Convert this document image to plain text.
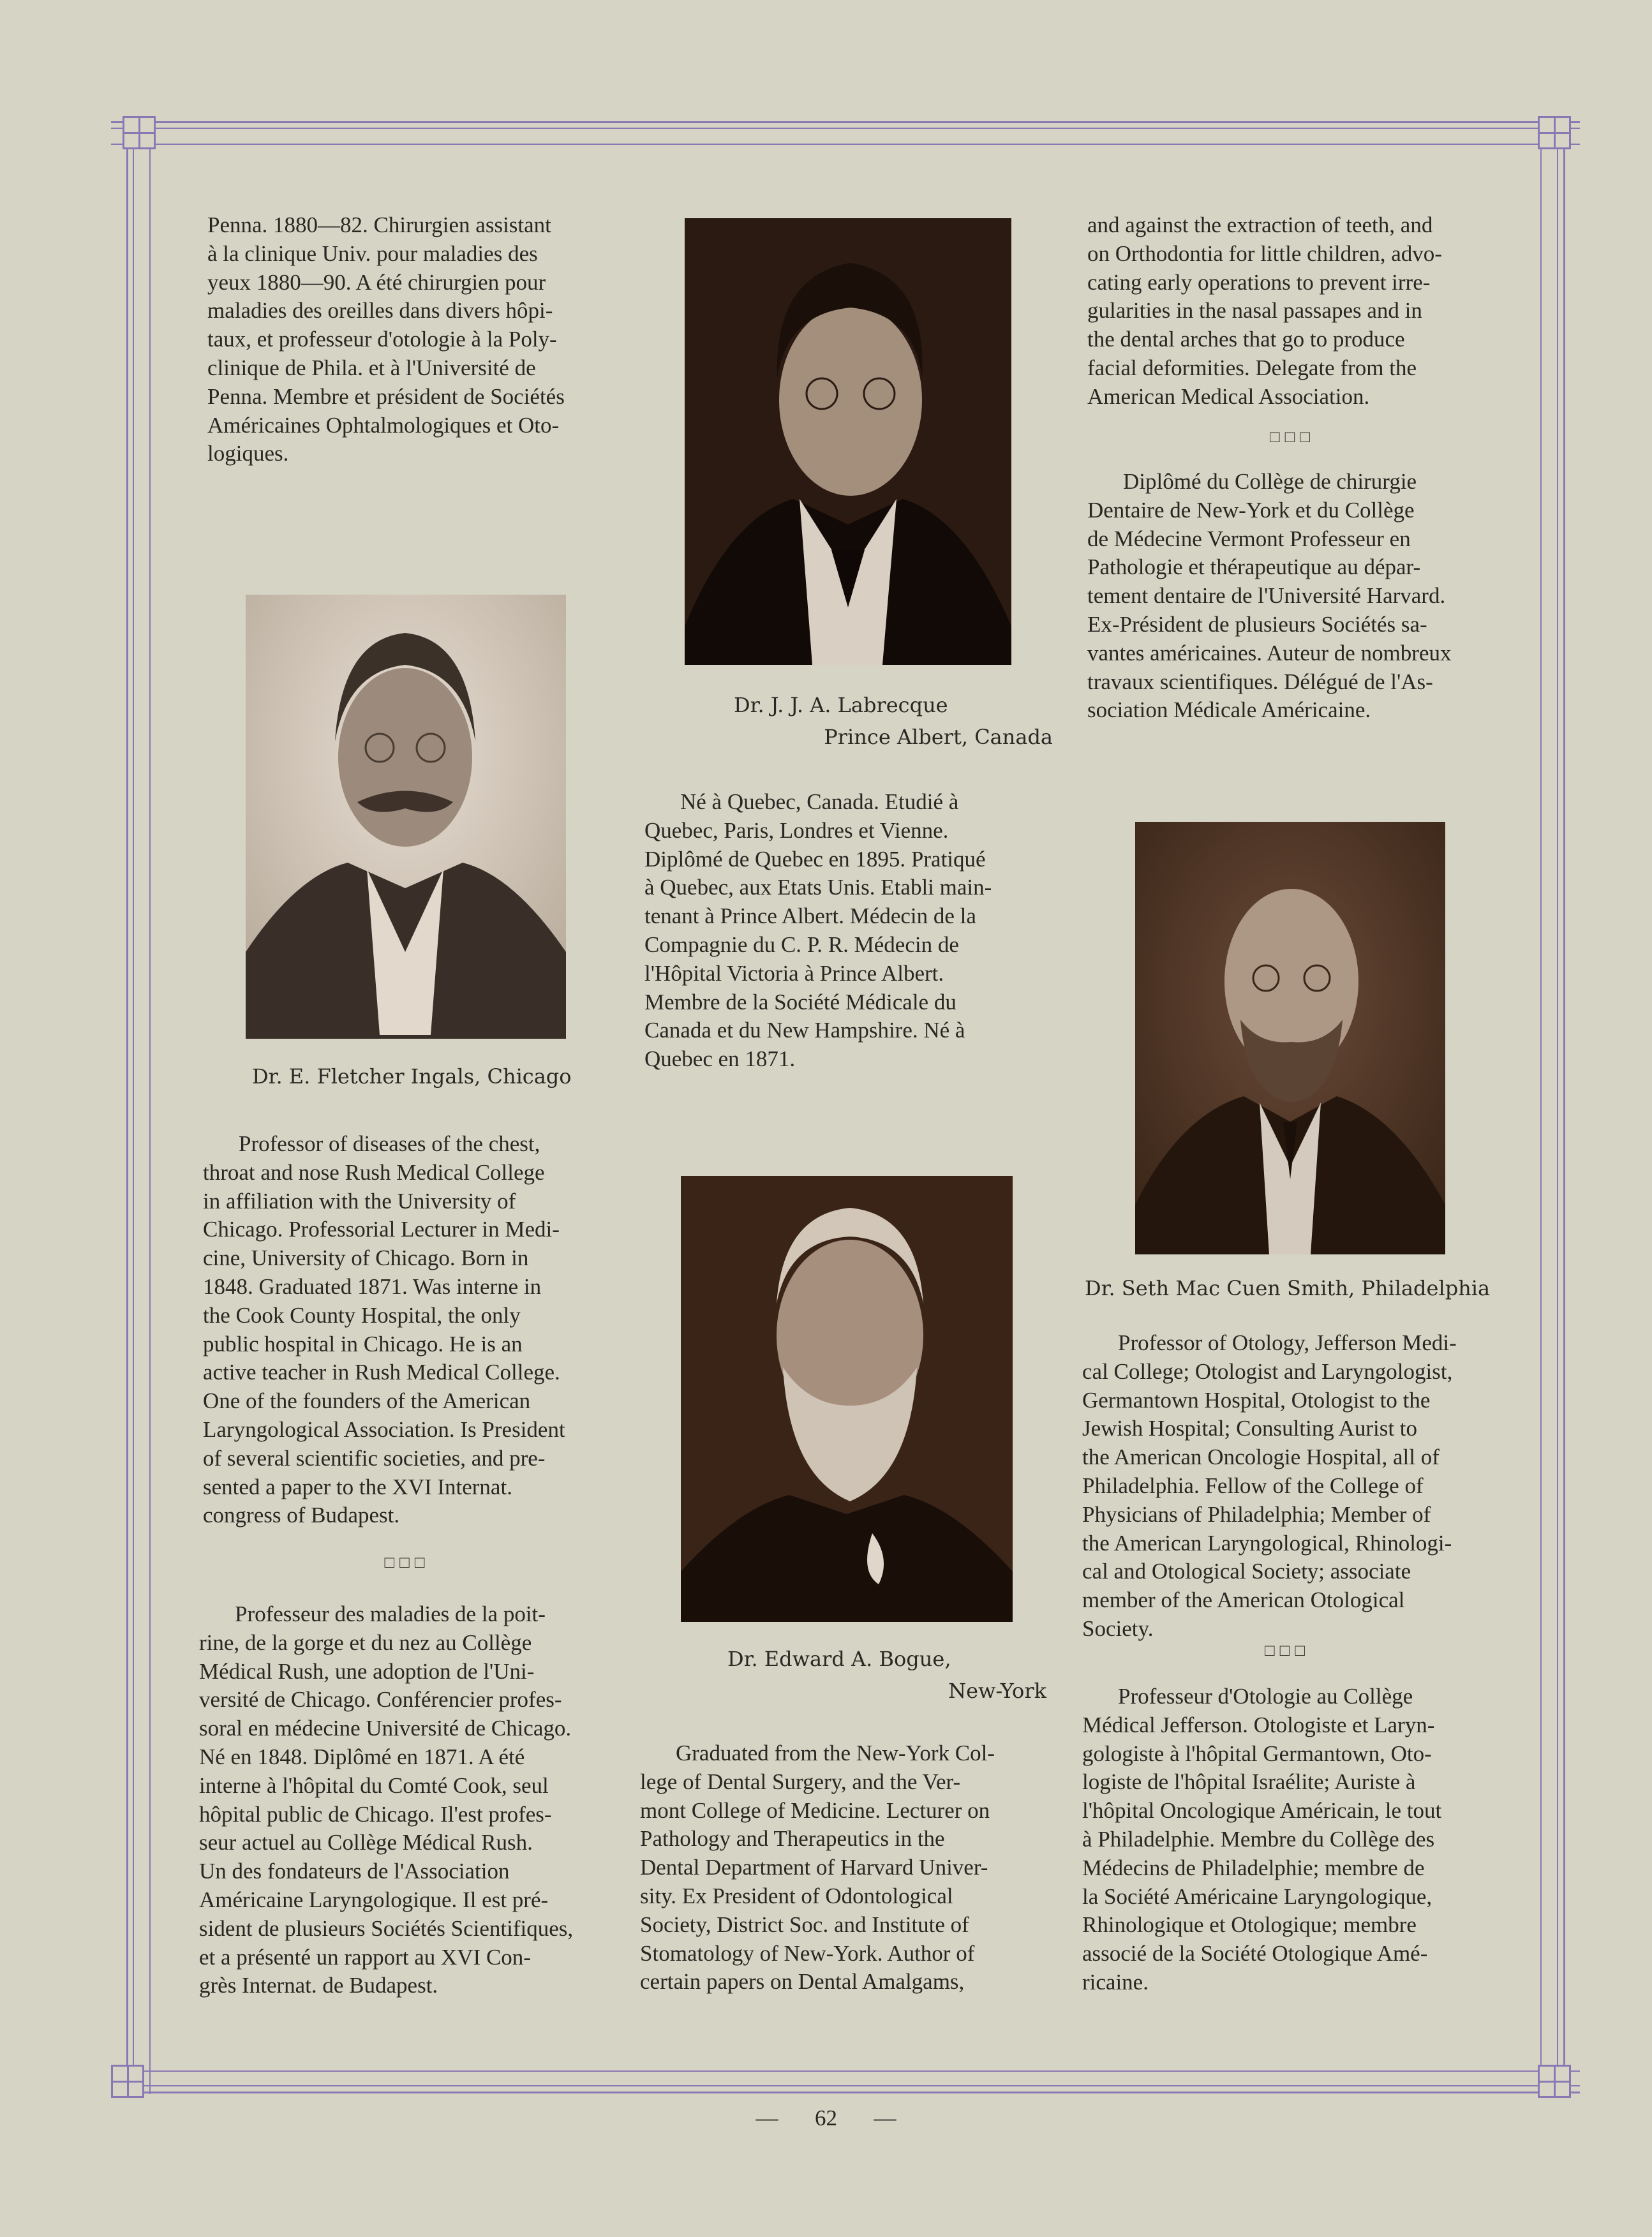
Penna. 1880—82. Chirurgien assistant
à la clinique Univ. pour maladies des
yeux 1880—90. A été chirurgien pour
maladies des oreilles dans divers hôpi-
taux, et professeur d'otologie à la Poly-
clinique de Phila. et à l'Université de
Penna. Membre et président de Sociétés
Américaines Ophtalmologiques et Oto-
logiques.
Dr. E. Fletcher Ingals, Chicago
Professor of diseases of the chest,
throat and nose Rush Medical College
in affiliation with the University of
Chicago. Professorial Lecturer in Medi-
cine, University of Chicago. Born in
1848. Graduated 1871. Was interne in
the Cook County Hospital, the only
public hospital in Chicago. He is an
active teacher in Rush Medical College.
One of the founders of the American
Laryngological Association. Is President
of several scientific societies, and pre-
sented a paper to the XVI Internat.
congress of Budapest.
□□□
Professeur des maladies de la poit-
rine, de la gorge et du nez au Collège
Médical Rush, une adoption de l'Uni-
versité de Chicago. Conférencier profes-
soral en médecine Université de Chicago.
Né en 1848. Diplômé en 1871. A été
interne à l'hôpital du Comté Cook, seul
hôpital public de Chicago. Il'est profes-
seur actuel au Collège Médical Rush.
Un des fondateurs de l'Association
Américaine Laryngologique. Il est pré-
sident de plusieurs Sociétés Scientifiques,
et a présenté un rapport au XVI Con-
grès Internat. de Budapest.
Dr. J. J. A. Labrecque
Prince Albert, Canada
Né à Quebec, Canada. Etudié à
Quebec, Paris, Londres et Vienne.
Diplômé de Quebec en 1895. Pratiqué
à Quebec, aux Etats Unis. Etabli main-
tenant à Prince Albert. Médecin de la
Compagnie du C. P. R. Médecin de
l'Hôpital Victoria à Prince Albert.
Membre de la Société Médicale du
Canada et du New Hampshire. Né à
Quebec en 1871.
Dr. Edward A. Bogue,
New-York
Graduated from the New-York Col-
lege of Dental Surgery, and the Ver-
mont College of Medicine. Lecturer on
Pathology and Therapeutics in the
Dental Department of Harvard Univer-
sity. Ex President of Odontological
Society, District Soc. and Institute of
Stomatology of New-York. Author of
certain papers on Dental Amalgams,
and against the extraction of teeth, and
on Orthodontia for little children, advo-
cating early operations to prevent irre-
gularities in the nasal passapes and in
the dental arches that go to produce
facial deformities. Delegate from the
American Medical Association.
□□□
Diplômé du Collège de chirurgie
Dentaire de New-York et du Collège
de Médecine Vermont Professeur en
Pathologie et thérapeutique au dépar-
tement dentaire de l'Université Harvard.
Ex-Président de plusieurs Sociétés sa-
vantes américaines. Auteur de nombreux
travaux scientifiques. Délégué de l'As-
sociation Médicale Américaine.
Dr. Seth Mac Cuen Smith, Philadelphia
Professor of Otology, Jefferson Medi-
cal College; Otologist and Laryngologist,
Germantown Hospital, Otologist to the
Jewish Hospital; Consulting Aurist to
the American Oncologie Hospital, all of
Philadelphia. Fellow of the College of
Physicians of Philadelphia; Member of
the American Laryngological, Rhinologi-
cal and Otological Society; associate
member of the American Otological
Society.
□□□
Professeur d'Otologie au Collège
Médical Jefferson. Otologiste et Laryn-
gologiste à l'hôpital Germantown, Oto-
logiste de l'hôpital Israélite; Auriste à
l'hôpital Oncologique Américain, le tout
à Philadelphie. Membre du Collège des
Médecins de Philadelphie; membre de
la Société Américaine Laryngologique,
Rhinologique et Otologique; membre
associé de la Société Otologique Amé-
ricaine.
— 62 —
